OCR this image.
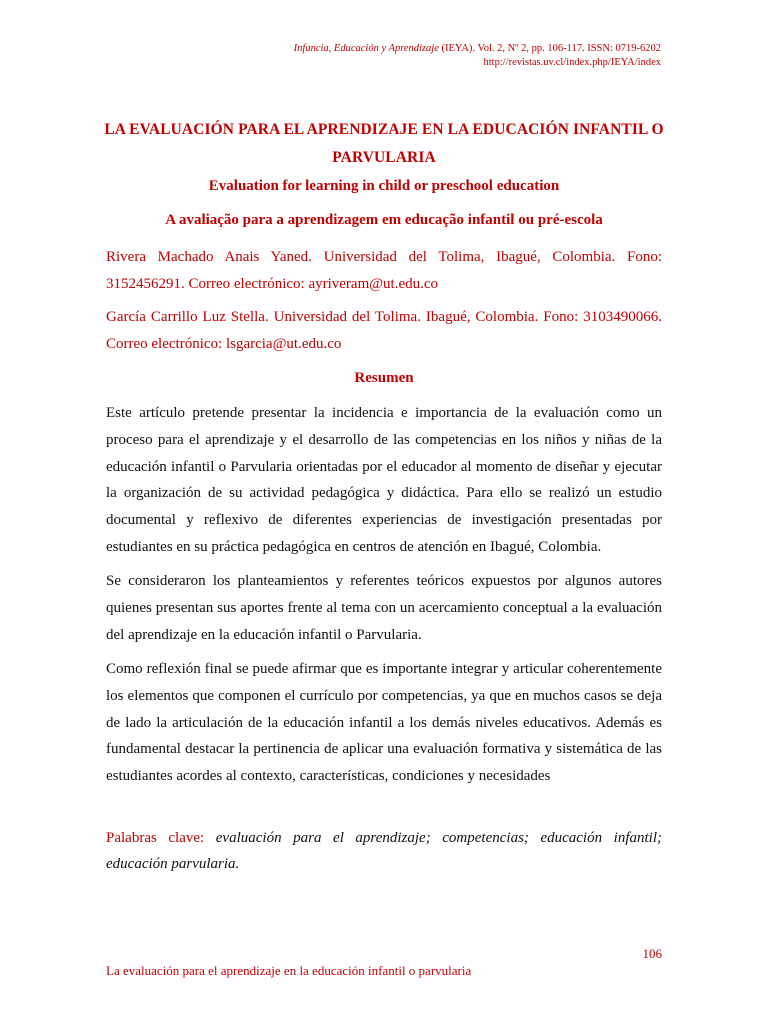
Infancia, Educación y Aprendizaje (IEYA). Vol. 2, Nº 2, pp. 106-117. ISSN: 0719-6202
http://revistas.uv.cl/index.php/IEYA/index
LA EVALUACIÓN PARA EL APRENDIZAJE EN LA EDUCACIÓN INFANTIL O PARVULARIA
Evaluation for learning in child or preschool education
A avaliação para a aprendizagem em educação infantil ou pré-escola
Rivera Machado Anais Yaned. Universidad del Tolima, Ibagué, Colombia. Fono: 3152456291. Correo electrónico: ayriveram@ut.edu.co
García Carrillo Luz Stella. Universidad del Tolima. Ibagué, Colombia. Fono: 3103490066. Correo electrónico: lsgarcia@ut.edu.co
Resumen
Este artículo pretende presentar la incidencia e importancia de la evaluación como un proceso para el aprendizaje y el desarrollo de las competencias en los niños y niñas de la educación infantil o Parvularia orientadas por el educador al momento de diseñar y ejecutar la organización de su actividad pedagógica y didáctica. Para ello se realizó un estudio documental y reflexivo de diferentes experiencias de investigación presentadas por estudiantes en su práctica pedagógica en centros de atención en Ibagué, Colombia.
Se consideraron los planteamientos y referentes teóricos expuestos por algunos autores quienes presentan sus aportes frente al tema con un acercamiento conceptual a la evaluación del aprendizaje en la educación infantil o Parvularia.
Como reflexión final se puede afirmar que es importante integrar y articular coherentemente los elementos que componen el currículo por competencias, ya que en muchos casos se deja de lado la articulación de la educación infantil a los demás niveles educativos. Además es fundamental destacar la pertinencia de aplicar una evaluación formativa y sistemática de las estudiantes acordes al contexto, características, condiciones y necesidades
Palabras clave: evaluación para el aprendizaje; competencias; educación infantil; educación parvularia.
106
La evaluación para el aprendizaje en la educación infantil o parvularia
